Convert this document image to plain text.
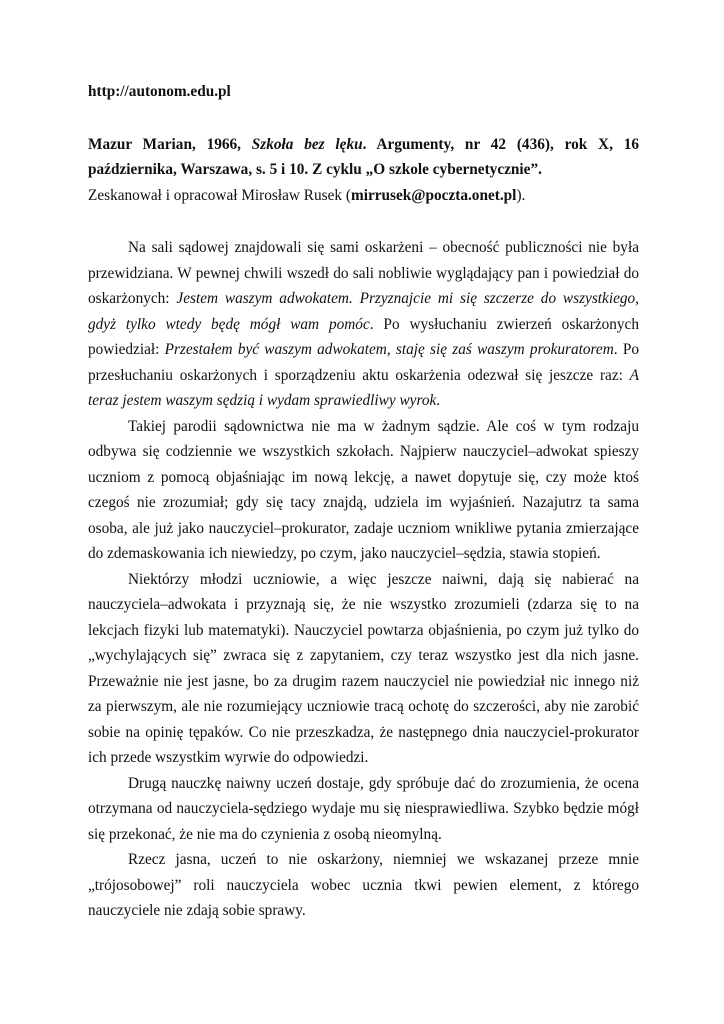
http://autonom.edu.pl

Mazur Marian, 1966, Szkoła bez lęku. Argumenty, nr 42 (436), rok X, 16 października, Warszawa, s. 5 i 10. Z cyklu „O szkole cybernetycznie”.

Zeskanował i opracował Mirosław Rusek (mirrusek@poczta.onet.pl).

Na sali sądowej znajdowali się sami oskarżeni – obecność publiczności nie była przewidziana. W pewnej chwili wszedł do sali nobliwie wyglądający pan i powiedział do oskarżonych: Jestem waszym adwokatem. Przyznajcie mi się szczerze do wszystkiego, gdyż tylko wtedy będę mógł wam pomóc. Po wysłuchaniu zwierzeń oskarżonych powiedział: Przestałem być waszym adwokatem, staję się zaś waszym prokuratorem. Po przesłuchaniu oskarżonych i sporządzeniu aktu oskarżenia odezwał się jeszcze raz: A teraz jestem waszym sędzią i wydam sprawiedliwy wyrok.

Takiej parodii sądownictwa nie ma w żadnym sądzie. Ale coś w tym rodzaju odbywa się codziennie we wszystkich szkołach. Najpierw nauczyciel–adwokat spieszy uczniom z pomocą objaśniając im nową lekcję, a nawet dopytuje się, czy może ktoś czegoś nie zrozumiał; gdy się tacy znajdą, udziela im wyjaśnień. Nazajutrz ta sama osoba, ale już jako nauczyciel–prokurator, zadaje uczniom wnikliwe pytania zmierzające do zdemaskowania ich niewiedzy, po czym, jako nauczyciel–sędzia, stawia stopień.

Niektórzy młodzi uczniowie, a więc jeszcze naiwni, dają się nabierać na nauczyciela–adwokata i przyznają się, że nie wszystko zrozumieli (zdarza się to na lekcjach fizyki lub matematyki). Nauczyciel powtarza objaśnienia, po czym już tylko do „wychylających się” zwraca się z zapytaniem, czy teraz wszystko jest dla nich jasne. Przeważnie nie jest jasne, bo za drugim razem nauczyciel nie powiedział nic innego niż za pierwszym, ale nie rozumiejący uczniowie tracą ochotę do szczerości, aby nie zarobić sobie na opinię tępaków. Co nie przeszkadza, że następnego dnia nauczyciel-prokurator ich przede wszystkim wyrwie do odpowiedzi.

Drugą nauczkę naiwny uczeń dostaje, gdy spróbuje dać do zrozumienia, że ocena otrzymana od nauczyciela-sędziego wydaje mu się niesprawiedliwa. Szybko będzie mógł się przekonać, że nie ma do czynienia z osobą nieomylną.

Rzecz jasna, uczeń to nie oskarżony, niemniej we wskazanej przeze mnie „trójosobowej” roli nauczyciela wobec ucznia tkwi pewien element, z którego nauczyciele nie zdają sobie sprawy.
